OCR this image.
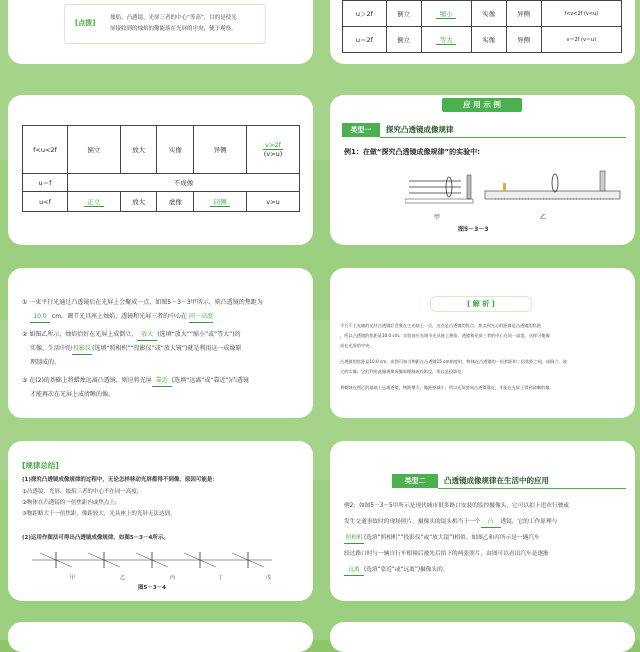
[点拨]
烛焰、凸透镜、光屏三者的中心“等高”，目的是使光
屏接收到的烛焰的像能落在光屏的中央，便于观察。
u＞2f	倒立	缩小	实像	异侧	f<v<2f (v<u)
u＝2f	倒立	等大	实像	异侧	v＝2f (v＝u)
f<u<2f	倒立	放大	实像	异侧	v>2f
(v>u)
u＝f	不成像				
u<f	正立	放大	虚像	同侧	v>u
应 用 示 例
类型一	探究凸透镜成像规律
例1：在做“探究凸透镜成像规律”的实验中:
甲	乙
图5－3－3
① 一束平行光通过凸透镜后在光屏上会聚成一点，如图5－3－3甲所示，则凸透镜的焦距为
10.0 cm。调节光具座上烛焰、透镜和光屏三者的中心在 同一高度
② 如图乙所示，烛焰恰好在光屏上成倒立、 放大 (选填“放大”“缩小”或“等大”)的
实像，生活中的投影仪(选填“照相机”“投影仪”或“放大镜”)就是利用这一成像原
理制成的。
③ 在(2)的基础上将蜡烛远离凸透镜，则应将光屏 靠近 (选填“远离”或“靠近”)凸透镜
才能再次在光屏上成清晰的像。
[ 解 析 ]
平行于主光轴的光经凸透镜后会聚在主光轴上一点，这点是凸透镜的焦点。焦点到光心的距离是凸透镜的焦距
，所以凸透镜的焦距是10.0 cm。实验前应先调节光具座上烛焰、透镜和光屏三者的中心在同一高度，这样可使像
成在光屏的中央。
凸透镜的焦距是10.0 cm，由图可知当物距在凸透镜15 cm刻度时，物体在凸透镜的一倍焦距和二倍焦距之间，成倒立、放
大的实像。它们利用此像规律成像原理制成投影仪，所以是投影仪。
将蜡烛在图乙的基础上远离透镜，物距增大，像距要减小，所以光屏要向凸透镜靠近，才能在光屏上得到清晰的像。
[规律总结]
(1)探究凸透镜成像规律的过程中，无论怎样移动光屏都得不到像，原因可能是：
①凸透镜、光屏、烛焰三者的中心不在同一高度;
②物体在凸透镜的一倍焦距内或焦点上;
③物距略大于一倍焦距，像距较大，光具座上的光屏无法达到。
(2)运用作图法可得出凸透镜成像规律，如图5－3－4所示。
甲	乙	丙	丁	戊
图5－3－4
类型二	凸透镜成像规律在生活中的应用
例2：如图5－3－5甲所示是现代城市很多路口安装的监控摄像头，它可以拍下违章行驶或
发生交通事故时的现场照片。摄像头的镜头相当于一个 凸 透镜，它的工作原理与
照相机(选填“照相机”“投影仪”或“放大镜”)相似。如图乙和丙所示是一辆汽车
经过路口时与一辆自行车相撞后被先后拍下的两张照片，由图可以看出汽车是逐渐
远离 (选填“靠近”或“远离”)摄像头的。
